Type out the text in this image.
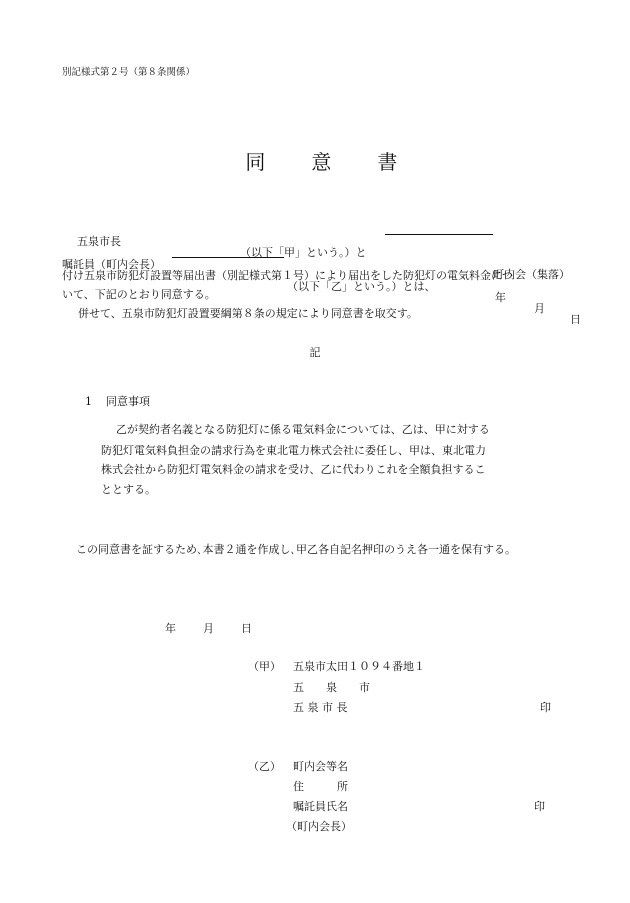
別記様式第２号（第８条関係）

同 意 書

五泉市長

（以下「甲」という。）と

町内会（集落）

嘱託員（町内会長）

（以下「乙」という。）とは、

年

月

日

付け五泉市防犯灯設置等届出書（別記様式第１号）により届出をした防犯灯の電気料金につ
いて、下記のとおり同意する。
併せて、五泉市防犯灯設置要綱第８条の規定により同意書を取交す。
記

1 同意事項

乙が契約者名義となる防犯灯に係る電気料金については、乙は、甲に対する
防犯灯電気料負担金の請求行為を東北電力株式会社に委任し、甲は、東北電力
株式会社から防犯灯電気料金の請求を受け、乙に代わりこれを全額負担するこ
ととする。
この同意書を証するため､本書２通を作成し､甲乙各自記名押印のうえ各一通を保有する。
年 月 日
（甲） 五泉市太田１０９４番地１
五　　泉　　市
五 泉 市 長	印
（乙） 町内会等名
住　　　所
嘱託員氏名	印
（町内会長）
